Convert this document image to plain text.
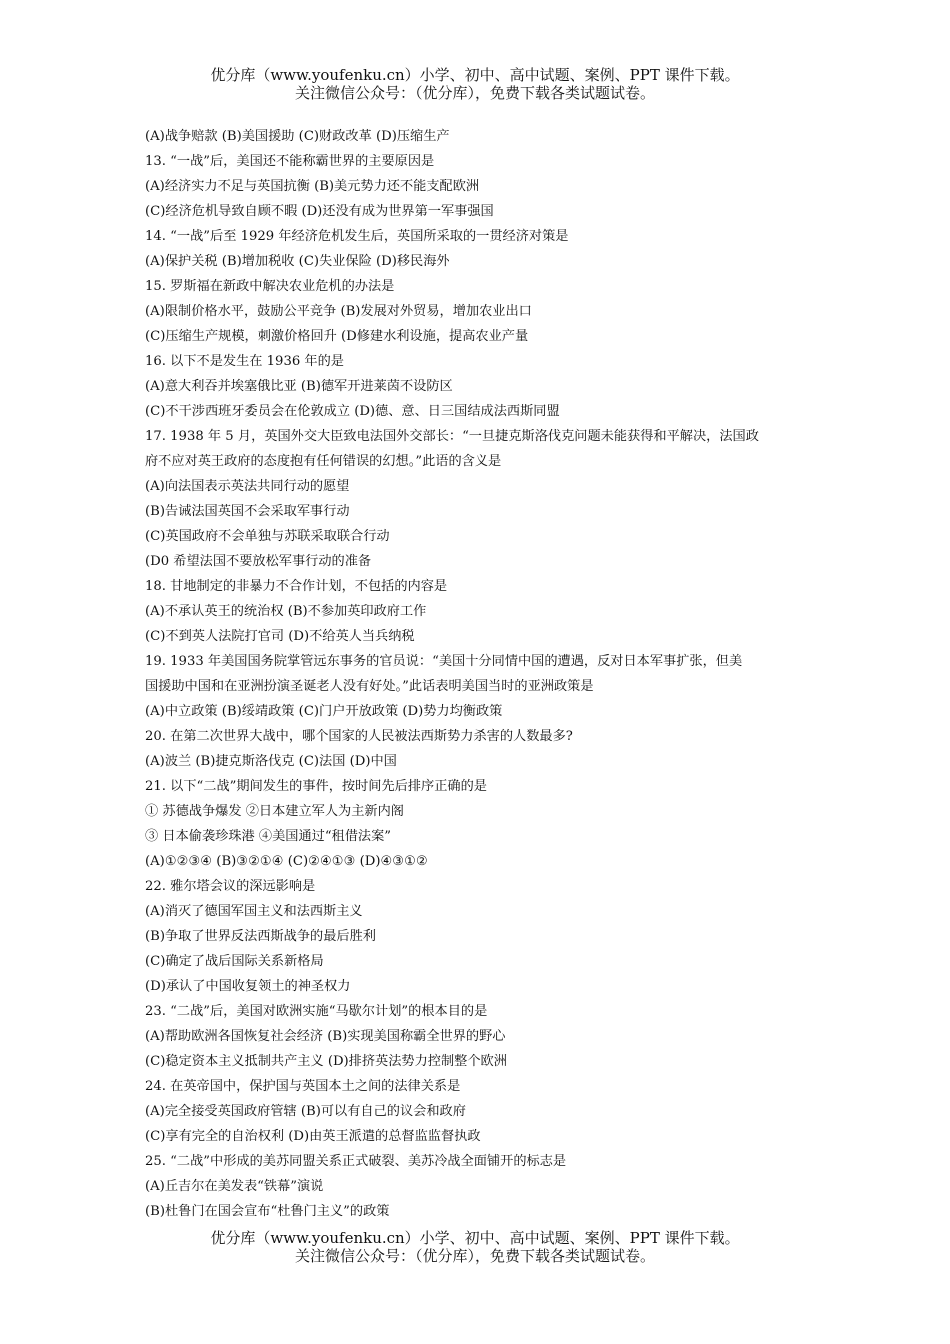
优分库（www.youfenku.cn）小学、初中、高中试题、案例、PPT 课件下载。
关注微信公众号：（优分库），免费下载各类试题试卷。
(A)战争赔款 (B)美国援助 (C)财政改革 (D)压缩生产
13. “一战”后，美国还不能称霸世界的主要原因是
(A)经济实力不足与英国抗衡 (B)美元势力还不能支配欧洲
(C)经济危机导致自顾不暇 (D)还没有成为世界第一军事强国
14. “一战”后至 1929 年经济危机发生后，英国所采取的一贯经济对策是
(A)保护关税 (B)增加税收 (C)失业保险 (D)移民海外
15. 罗斯福在新政中解决农业危机的办法是
(A)限制价格水平，鼓励公平竞争 (B)发展对外贸易，增加农业出口
(C)压缩生产规模，刺激价格回升 (D修建水利设施，提高农业产量
16. 以下不是发生在 1936 年的是
(A)意大利吞并埃塞俄比亚 (B)德军开进莱茵不设防区
(C)不干涉西班牙委员会在伦敦成立 (D)德、意、日三国结成法西斯同盟
17. 1938 年 5 月，英国外交大臣致电法国外交部长：“一旦捷克斯洛伐克问题未能获得和平解决，法国政
府不应对英王政府的态度抱有任何错误的幻想。”此语的含义是
(A)向法国表示英法共同行动的愿望
(B)告诫法国英国不会采取军事行动
(C)英国政府不会单独与苏联采取联合行动
(D0 希望法国不要放松军事行动的准备
18. 甘地制定的非暴力不合作计划，不包括的内容是
(A)不承认英王的统治权 (B)不参加英印政府工作
(C)不到英人法院打官司 (D)不给英人当兵纳税
19. 1933 年美国国务院掌管远东事务的官员说：“美国十分同情中国的遭遇，反对日本军事扩张，但美
国援助中国和在亚洲扮演圣诞老人没有好处。”此话表明美国当时的亚洲政策是
(A)中立政策 (B)绥靖政策 (C)门户开放政策 (D)势力均衡政策
20. 在第二次世界大战中，哪个国家的人民被法西斯势力杀害的人数最多?
(A)波兰 (B)捷克斯洛伐克 (C)法国 (D)中国
21. 以下“二战”期间发生的事件，按时间先后排序正确的是
① 苏德战争爆发 ②日本建立军人为主新内阁
③ 日本偷袭珍珠港 ④美国通过“租借法案”
(A)①②③④ (B)③②①④ (C)②④①③ (D)④③①②
22. 雅尔塔会议的深远影响是
(A)消灭了德国军国主义和法西斯主义
(B)争取了世界反法西斯战争的最后胜利
(C)确定了战后国际关系新格局
(D)承认了中国收复领土的神圣权力
23. “二战”后，美国对欧洲实施“马歇尔计划”的根本目的是
(A)帮助欧洲各国恢复社会经济 (B)实现美国称霸全世界的野心
(C)稳定资本主义抵制共产主义 (D)排挤英法势力控制整个欧洲
24. 在英帝国中，保护国与英国本土之间的法律关系是
(A)完全接受英国政府管辖 (B)可以有自己的议会和政府
(C)享有完全的自治权利 (D)由英王派遣的总督监监督执政
25. “二战”中形成的美苏同盟关系正式破裂、美苏冷战全面铺开的标志是
(A)丘吉尔在美发表“铁幕”演说
(B)杜鲁门在国会宣布“杜鲁门主义”的政策
优分库（www.youfenku.cn）小学、初中、高中试题、案例、PPT 课件下载。
关注微信公众号：（优分库），免费下载各类试题试卷。
